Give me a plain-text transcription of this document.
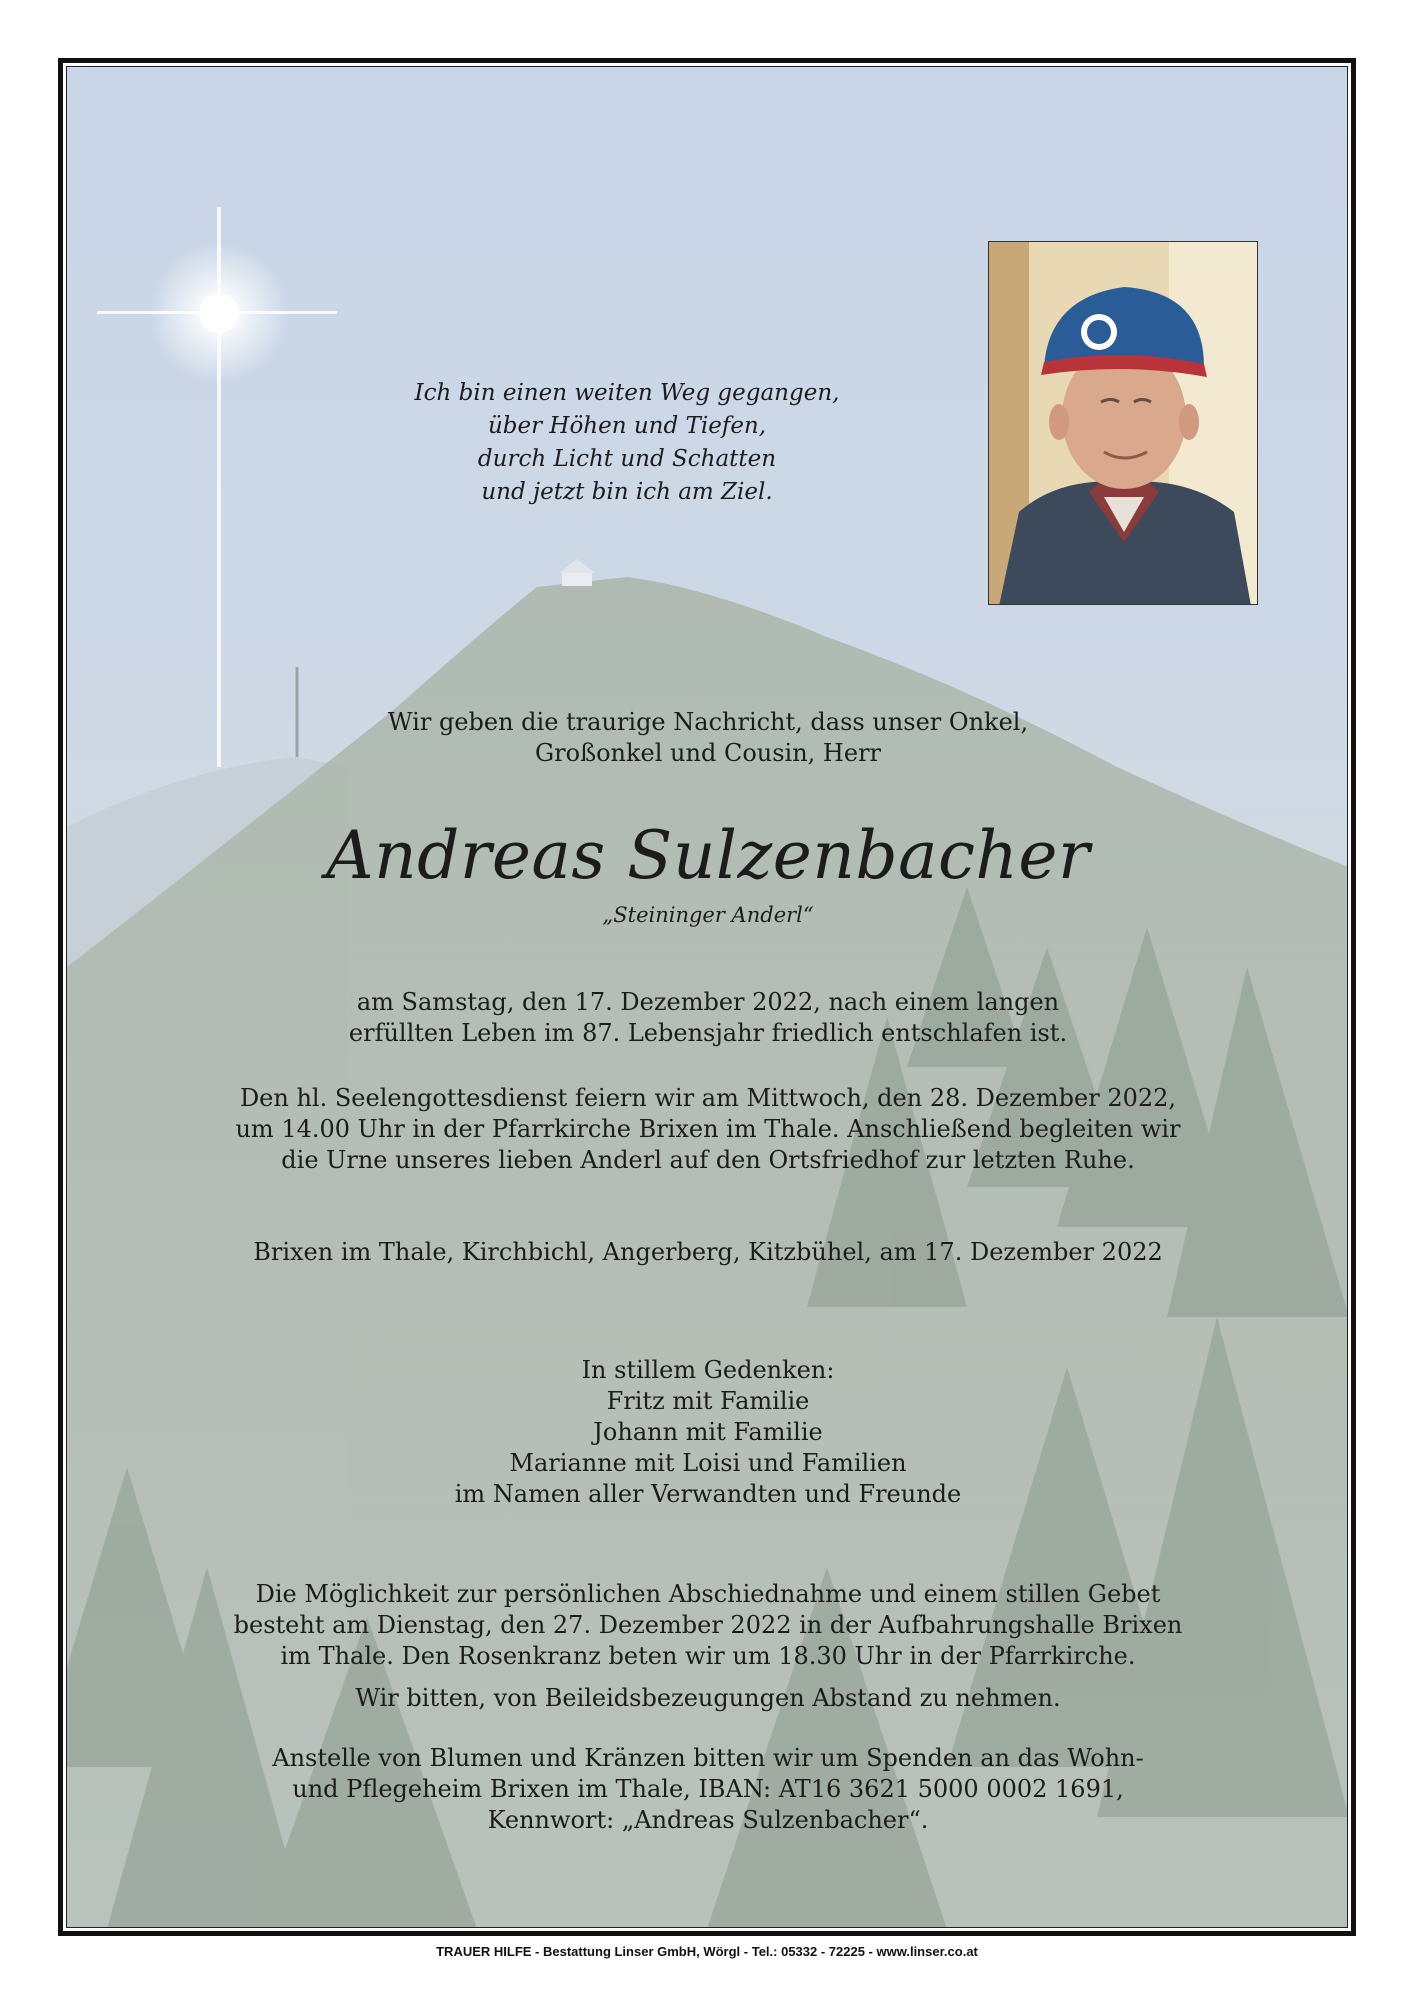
Ich bin einen weiten Weg gegangen,
über Höhen und Tiefen,
durch Licht und Schatten
und jetzt bin ich am Ziel.
Wir geben die traurige Nachricht, dass unser Onkel,
Großonkel und Cousin, Herr
Andreas Sulzenbacher
„Steininger Anderl“
am Samstag, den 17. Dezember 2022, nach einem langen
erfüllten Leben im 87. Lebensjahr friedlich entschlafen ist.
Den hl. Seelengottesdienst feiern wir am Mittwoch, den 28. Dezember 2022,
um 14.00 Uhr in der Pfarrkirche Brixen im Thale. Anschließend begleiten wir
die Urne unseres lieben Anderl auf den Ortsfriedhof zur letzten Ruhe.
Brixen im Thale, Kirchbichl, Angerberg, Kitzbühel, am 17. Dezember 2022
In stillem Gedenken:
Fritz mit Familie
Johann mit Familie
Marianne mit Loisi und Familien
im Namen aller Verwandten und Freunde
Die Möglichkeit zur persönlichen Abschiednahme und einem stillen Gebet
besteht am Dienstag, den 27. Dezember 2022 in der Aufbahrungshalle Brixen
im Thale. Den Rosenkranz beten wir um 18.30 Uhr in der Pfarrkirche.
Wir bitten, von Beileidsbezeugungen Abstand zu nehmen.
Anstelle von Blumen und Kränzen bitten wir um Spenden an das Wohn-
und Pflegeheim Brixen im Thale, IBAN: AT16 3621 5000 0002 1691,
Kennwort: „Andreas Sulzenbacher“.
TRAUER HILFE - Bestattung Linser GmbH, Wörgl - Tel.: 05332 - 72225 - www.linser.co.at
